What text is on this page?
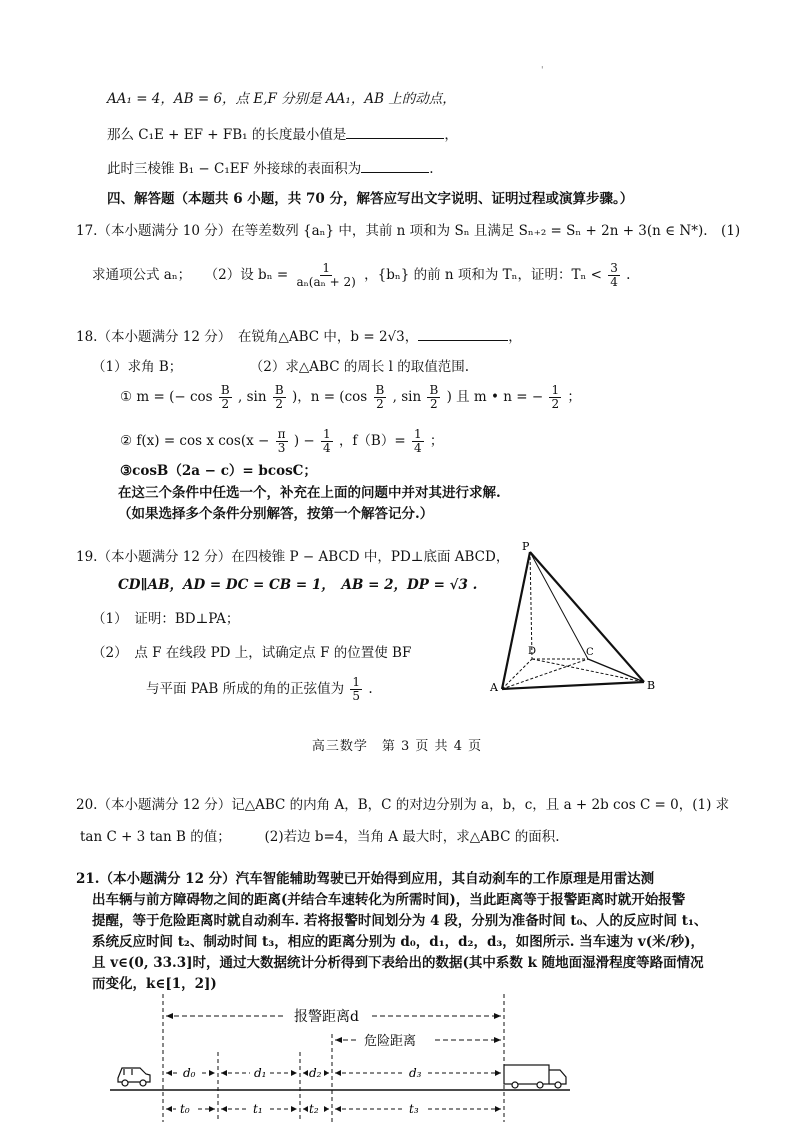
'
AA₁ = 4，AB = 6，点 E,F 分别是 AA₁，AB 上的动点，
那么 C₁E + EF + FB₁ 的长度最小值是	，
此时三棱锥 B₁ − C₁EF 外接球的表面积为	.
四、解答题（本题共 6 小题，共 70 分，解答应写出文字说明、证明过程或演算步骤。）
17.（本小题满分 10 分）在等差数列 {aₙ} 中，其前 n 项和为 Sₙ 且满足 Sₙ₊₂ = Sₙ + 2n + 3(n ∈ N*).　(1)
求通项公式 aₙ；　　（2）设 $b_n = \frac{1}{\text{aₙ(aₙ + 2)}}$ ，{bₙ} 的前 n 项和为 Tₙ，证明：$T_n < \frac{3}{4}$ .
18.（本小题满分 12 分）　在锐角△ABC 中，b = 2√3，	，
（1）求角 B；　　　　　　（2）求△ABC 的周长 l 的取值范围.
① m = (− $\cos \frac{B}{2}$ , $\sin \frac{B}{2}$ )，$n = (\cos \frac{B}{2}$ , $\sin \frac{B}{2}$ ) 且 m • n = − $\frac{1}{2}$ ；
② f(x) = cos x $\cos(x - \frac{\pi}{3}$ ) − $\frac{1}{4}$ ，$f(B)= \frac{1}{4}$ ；
③cosB（2a − c）= bcosC；
在这三个条件中任选一个，补充在上面的问题中并对其进行求解.
（如果选择多个条件分别解答，按第一个解答记分.）
19.（本小题满分 12 分）在四棱锥 P − ABCD 中，PD⊥底面 ABCD，
CD∥AB，AD = DC = CB = 1，　AB = 2，DP = √3 .
（1）　证明：BD⊥PA；
（2）　点 F 在线段 PD 上，试确定点 F 的位置使 BF
与平面 PAB 所成的角的正弦值为 $\frac{1}{5}$ .
P
A	B
C
D
高三数学　第 3 页 共 4 页
20.（本小题满分 12 分）记△ABC 的内角 A，B，C 的对边分别为 a，b，c，且 a + 2b cos C = 0，(1) 求
tan C + 3 tan B 的值；　　　(2)若边 b=4，当角 A 最大时，求△ABC 的面积.
21.（本小题满分 12 分）汽车智能辅助驾驶已开始得到应用，其自动刹车的工作原理是用雷达测
出车辆与前方障碍物之间的距离(并结合车速转化为所需时间)，当此距离等于报警距离时就开始报警
提醒，等于危险距离时就自动刹车. 若将报警时间划分为 4 段，分别为准备时间 t₀、人的反应时间 t₁、
系统反应时间 t₂、制动时间 t₃，相应的距离分别为 d₀，d₁，d₂，d₃，如图所示. 当车速为 v(米/秒)，
且 v∈(0, 33.3]时，通过大数据统计分析得到下表给出的数据(其中系数 k 随地面湿滑程度等路面情况
而变化，k∈[1，2])
报警距离d
危险距离
d₀	d₁	d₂	d₃
t₀	t₁	t₂	t₃
